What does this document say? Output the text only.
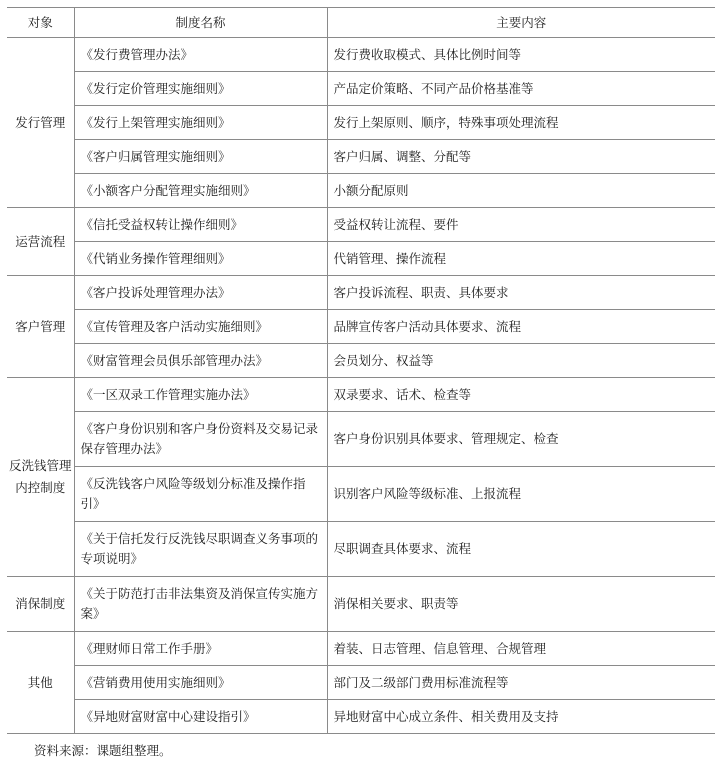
对象	制度名称	主要内容
发行管理	《发行费管理办法》	发行费收取模式、具体比例时间等
	《发行定价管理实施细则》	产品定价策略、不同产品价格基准等
	《发行上架管理实施细则》	发行上架原则、顺序，特殊事项处理流程
	《客户归属管理实施细则》	客户归属、调整、分配等
	《小额客户分配管理实施细则》	小额分配原则
运营流程	《信托受益权转让操作细则》	受益权转让流程、要件
	《代销业务操作管理细则》	代销管理、操作流程
客户管理	《客户投诉处理管理办法》	客户投诉流程、职责、具体要求
	《宣传管理及客户活动实施细则》	品牌宣传客户活动具体要求、流程
	《财富管理会员俱乐部管理办法》	会员划分、权益等
反洗钱管理内控制度	《一区双录工作管理实施办法》	双录要求、话术、检查等
	《客户身份识别和客户身份资料及交易记录保存管理办法》	客户身份识别具体要求、管理规定、检查
	《反洗钱客户风险等级划分标准及操作指引》	识别客户风险等级标准、上报流程
	《关于信托发行反洗钱尽职调查义务事项的专项说明》	尽职调查具体要求、流程
消保制度	《关于防范打击非法集资及消保宣传实施方案》	消保相关要求、职责等
其他	《理财师日常工作手册》	着装、日志管理、信息管理、合规管理
	《营销费用使用实施细则》	部门及二级部门费用标准流程等
	《异地财富财富中心建设指引》	异地财富中心成立条件、相关费用及支持
资料来源：课题组整理。
